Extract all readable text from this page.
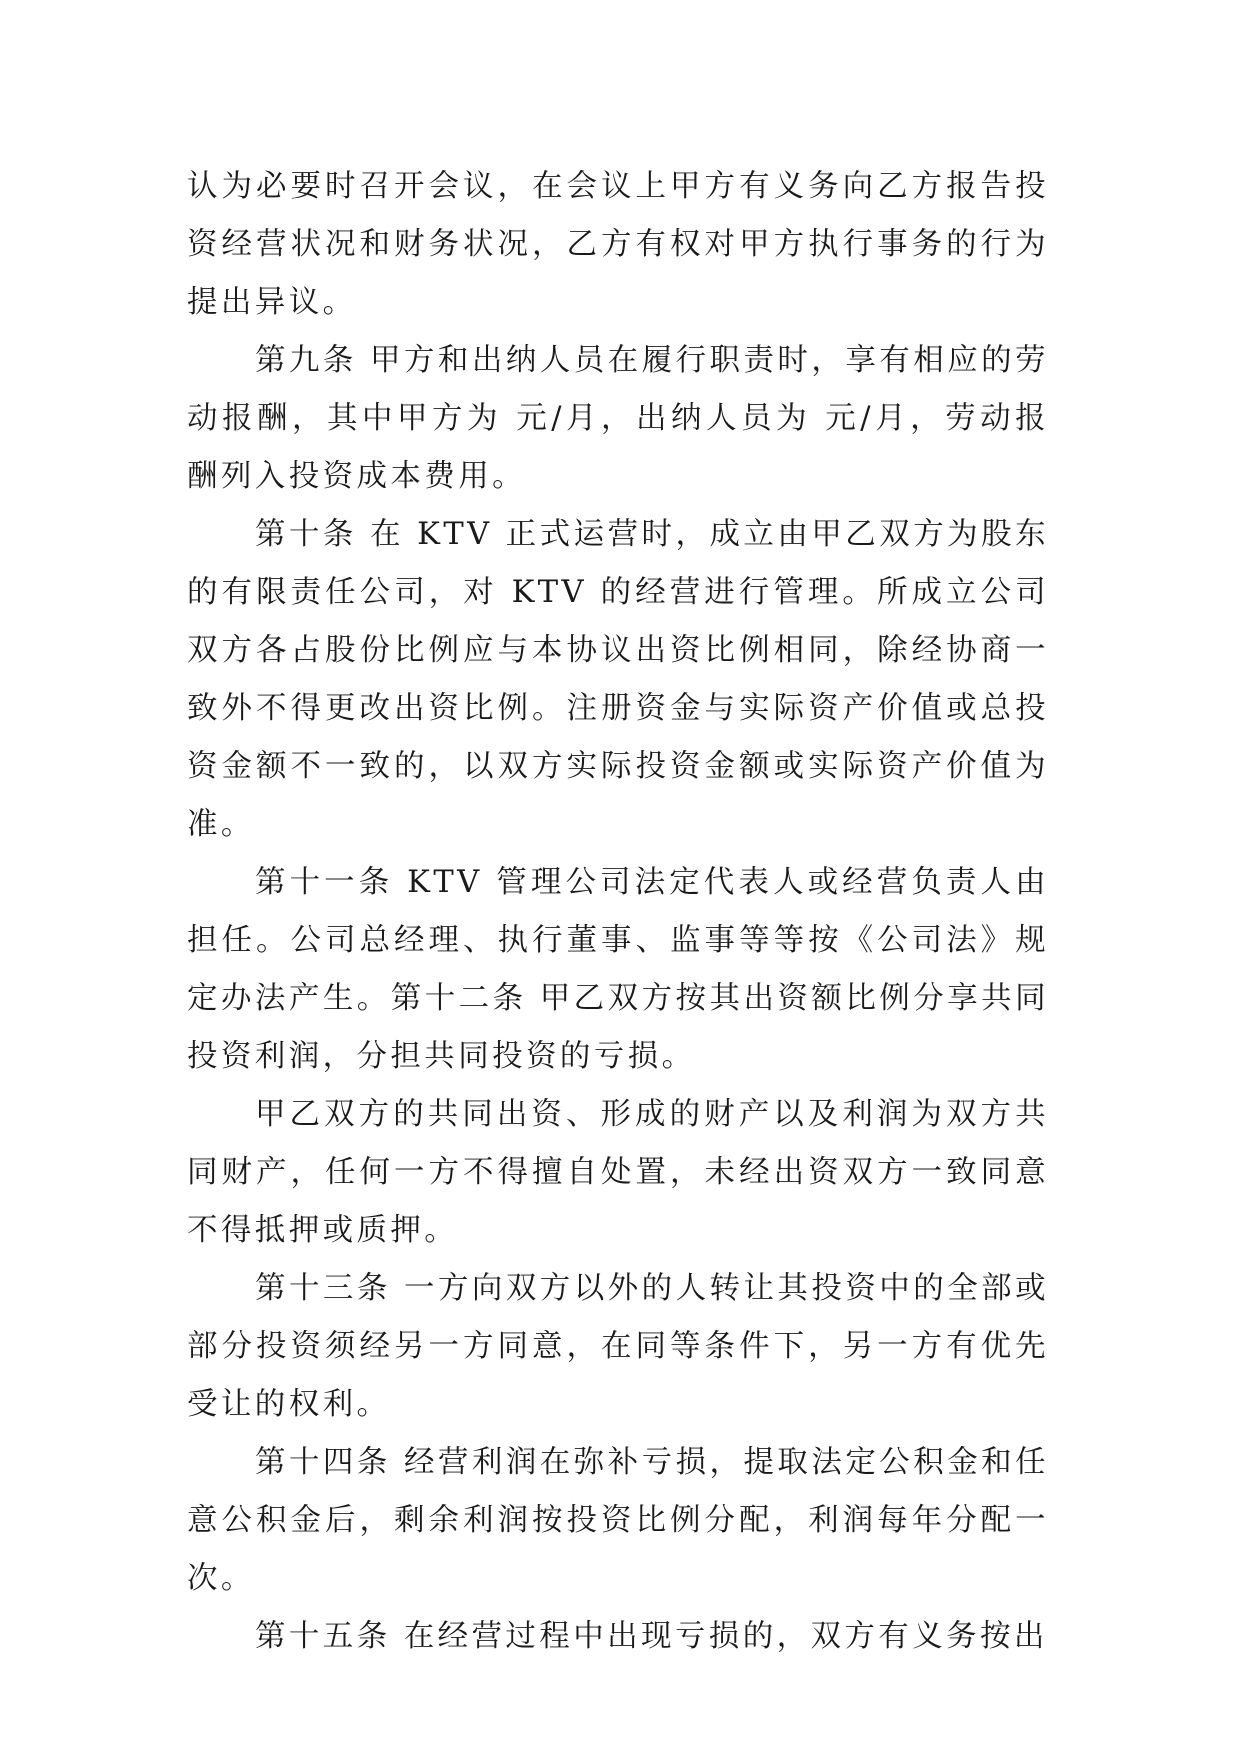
认为必要时召开会议，在会议上甲方有义务向乙方报告投资经营状况和财务状况，乙方有权对甲方执行事务的行为提出异议。

第九条 甲方和出纳人员在履行职责时，享有相应的劳动报酬，其中甲方为 元/月，出纳人员为 元/月，劳动报酬列入投资成本费用。

第十条 在 KTV 正式运营时，成立由甲乙双方为股东的有限责任公司，对 KTV 的经营进行管理。所成立公司双方各占股份比例应与本协议出资比例相同，除经协商一致外不得更改出资比例。注册资金与实际资产价值或总投资金额不一致的，以双方实际投资金额或实际资产价值为准。

第十一条 KTV 管理公司法定代表人或经营负责人由担任。公司总经理、执行董事、监事等等按《公司法》规定办法产生。第十二条 甲乙双方按其出资额比例分享共同投资利润，分担共同投资的亏损。

甲乙双方的共同出资、形成的财产以及利润为双方共同财产，任何一方不得擅自处置，未经出资双方一致同意不得抵押或质押。

第十三条 一方向双方以外的人转让其投资中的全部或部分投资须经另一方同意，在同等条件下，另一方有优先受让的权利。

第十四条 经营利润在弥补亏损，提取法定公积金和任意公积金后，剩余利润按投资比例分配，利润每年分配一次。

第十五条 在经营过程中出现亏损的，双方有义务按出
